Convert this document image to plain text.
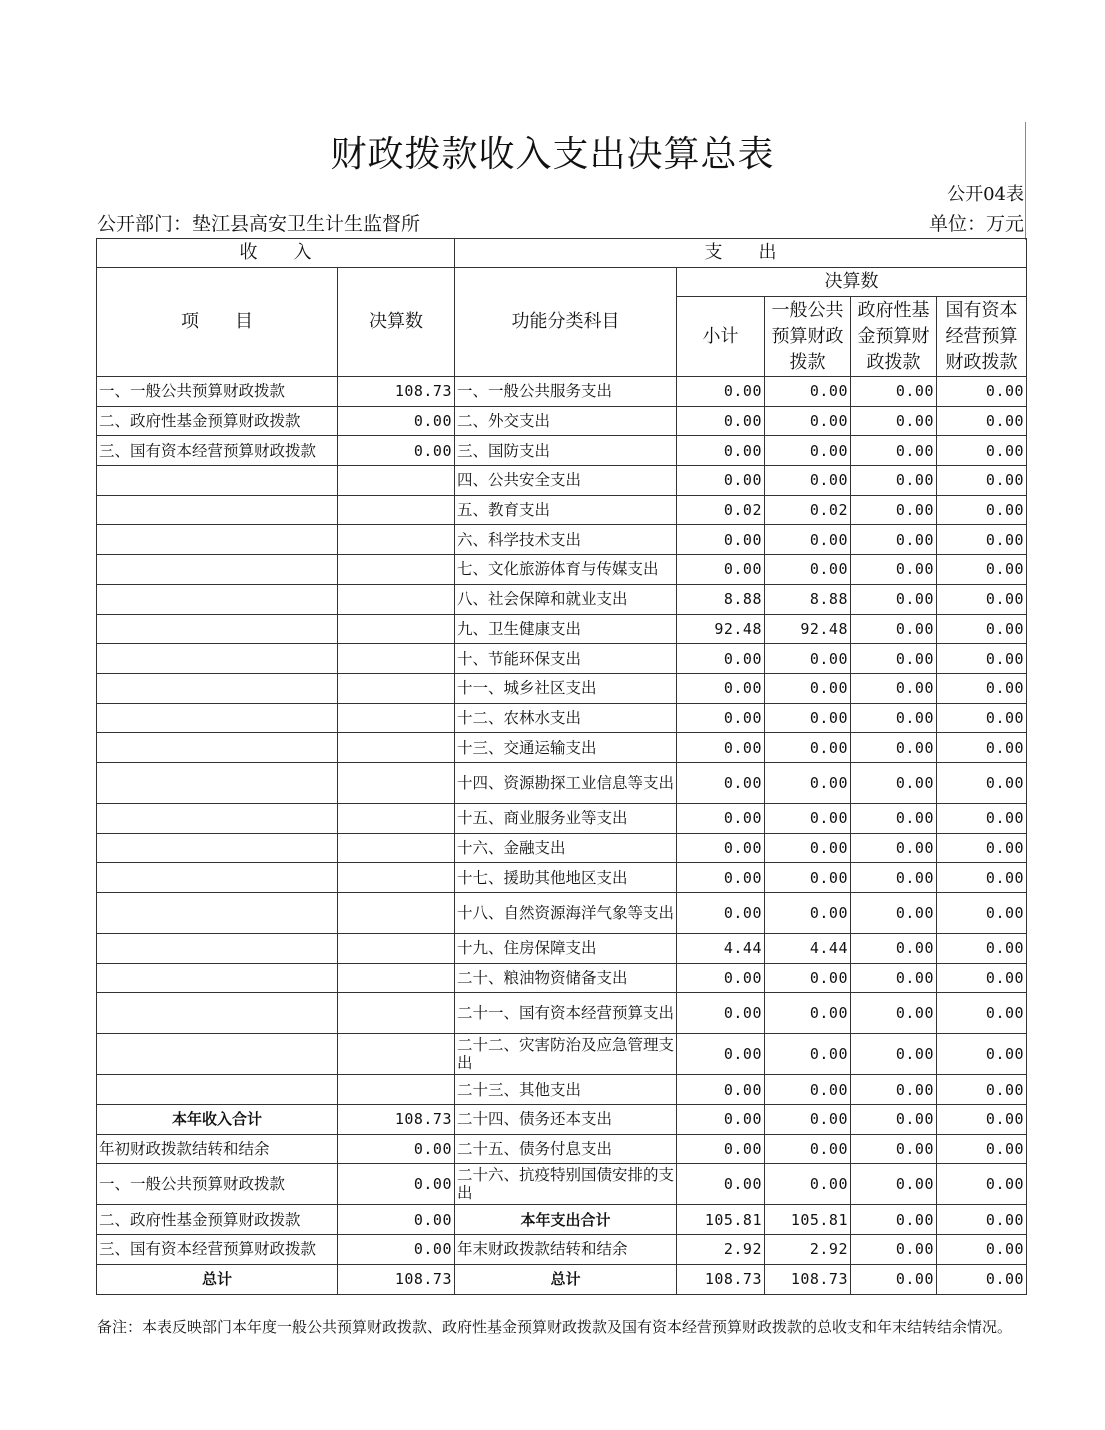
财政拨款收入支出决算总表
公开04表
公开部门：垫江县高安卫生计生监督所	单位：万元
收　　入		支　　出				
项　　目	决算数	功能分类科目	决算数			
			小计	一般公共预算财政拨款	政府性基金预算财政拨款	国有资本经营预算财政拨款
一、一般公共预算财政拨款	108.73	一、一般公共服务支出	0.00	0.00	0.00	0.00
二、政府性基金预算财政拨款	0.00	二、外交支出	0.00	0.00	0.00	0.00
三、国有资本经营预算财政拨款	0.00	三、国防支出	0.00	0.00	0.00	0.00
		四、公共安全支出	0.00	0.00	0.00	0.00
		五、教育支出	0.02	0.02	0.00	0.00
		六、科学技术支出	0.00	0.00	0.00	0.00
		七、文化旅游体育与传媒支出	0.00	0.00	0.00	0.00
		八、社会保障和就业支出	8.88	8.88	0.00	0.00
		九、卫生健康支出	92.48	92.48	0.00	0.00
		十、节能环保支出	0.00	0.00	0.00	0.00
		十一、城乡社区支出	0.00	0.00	0.00	0.00
		十二、农林水支出	0.00	0.00	0.00	0.00
		十三、交通运输支出	0.00	0.00	0.00	0.00
		十四、资源勘探工业信息等支出	0.00	0.00	0.00	0.00
		十五、商业服务业等支出	0.00	0.00	0.00	0.00
		十六、金融支出	0.00	0.00	0.00	0.00
		十七、援助其他地区支出	0.00	0.00	0.00	0.00
		十八、自然资源海洋气象等支出	0.00	0.00	0.00	0.00
		十九、住房保障支出	4.44	4.44	0.00	0.00
		二十、粮油物资储备支出	0.00	0.00	0.00	0.00
		二十一、国有资本经营预算支出	0.00	0.00	0.00	0.00
		二十二、灾害防治及应急管理支出	0.00	0.00	0.00	0.00
		二十三、其他支出	0.00	0.00	0.00	0.00
本年收入合计	108.73	二十四、债务还本支出	0.00	0.00	0.00	0.00
年初财政拨款结转和结余	0.00	二十五、债务付息支出	0.00	0.00	0.00	0.00
一、一般公共预算财政拨款	0.00	二十六、抗疫特别国债安排的支出	0.00	0.00	0.00	0.00
二、政府性基金预算财政拨款	0.00	本年支出合计	105.81	105.81	0.00	0.00
三、国有资本经营预算财政拨款	0.00	年末财政拨款结转和结余	2.92	2.92	0.00	0.00
总计	108.73	总计	108.73	108.73	0.00	0.00
备注：本表反映部门本年度一般公共预算财政拨款、政府性基金预算财政拨款及国有资本经营预算财政拨款的总收支和年末结转结余情况。
